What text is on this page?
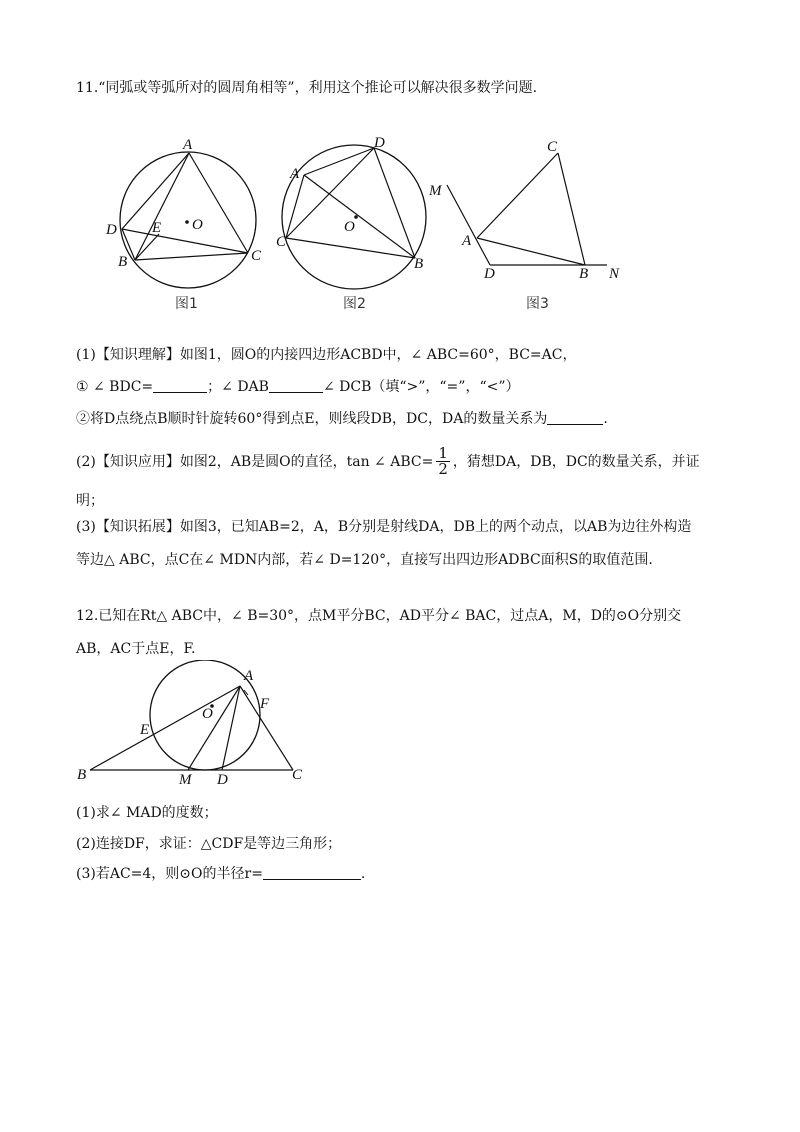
11.“同弧或等弧所对的圆周角相等”，利用这个推论可以解决很多数学问题.
A
D E O
B	C
图1
D
A
O
C
B
图2
C
M
A
D	B N
图3
(1)【知识理解】如图1，圆O的内接四边形ACBD中，∠ ABC=60°，BC=AC，
① ∠ BDC=	；∠ DAB	∠ DCB（填“>”，“=”，“<”）
②将D点绕点B顺时针旋转60°得到点E，则线段DB，DC，DA的数量关系为	.
(2)【知识应用】如图2，AB是圆O的直径，tan ∠ $ABC= \frac{1}{2}$ ，猜想DA，DB，DC的数量关系，并证
明；
(3)【知识拓展】如图3，已知AB=2，A，B分别是射线DA，DB上的两个动点，以AB为边往外构造
等边△ ABC，点C在∠ MDN内部，若∠ D=120°，直接写出四边形ADBC面积S的取值范围.
12.已知在Rt△ ABC中，∠ B=30°，点M平分BC，AD平分∠ BAC，过点A，M，D的⊙O分别交
AB，AC于点E，F.
A
F
E
O
B	M D	C
(1)求∠ MAD的度数；
(2)连接DF，求证：△CDF是等边三角形；
(3)若AC=4，则⊙O的半径r=	.
